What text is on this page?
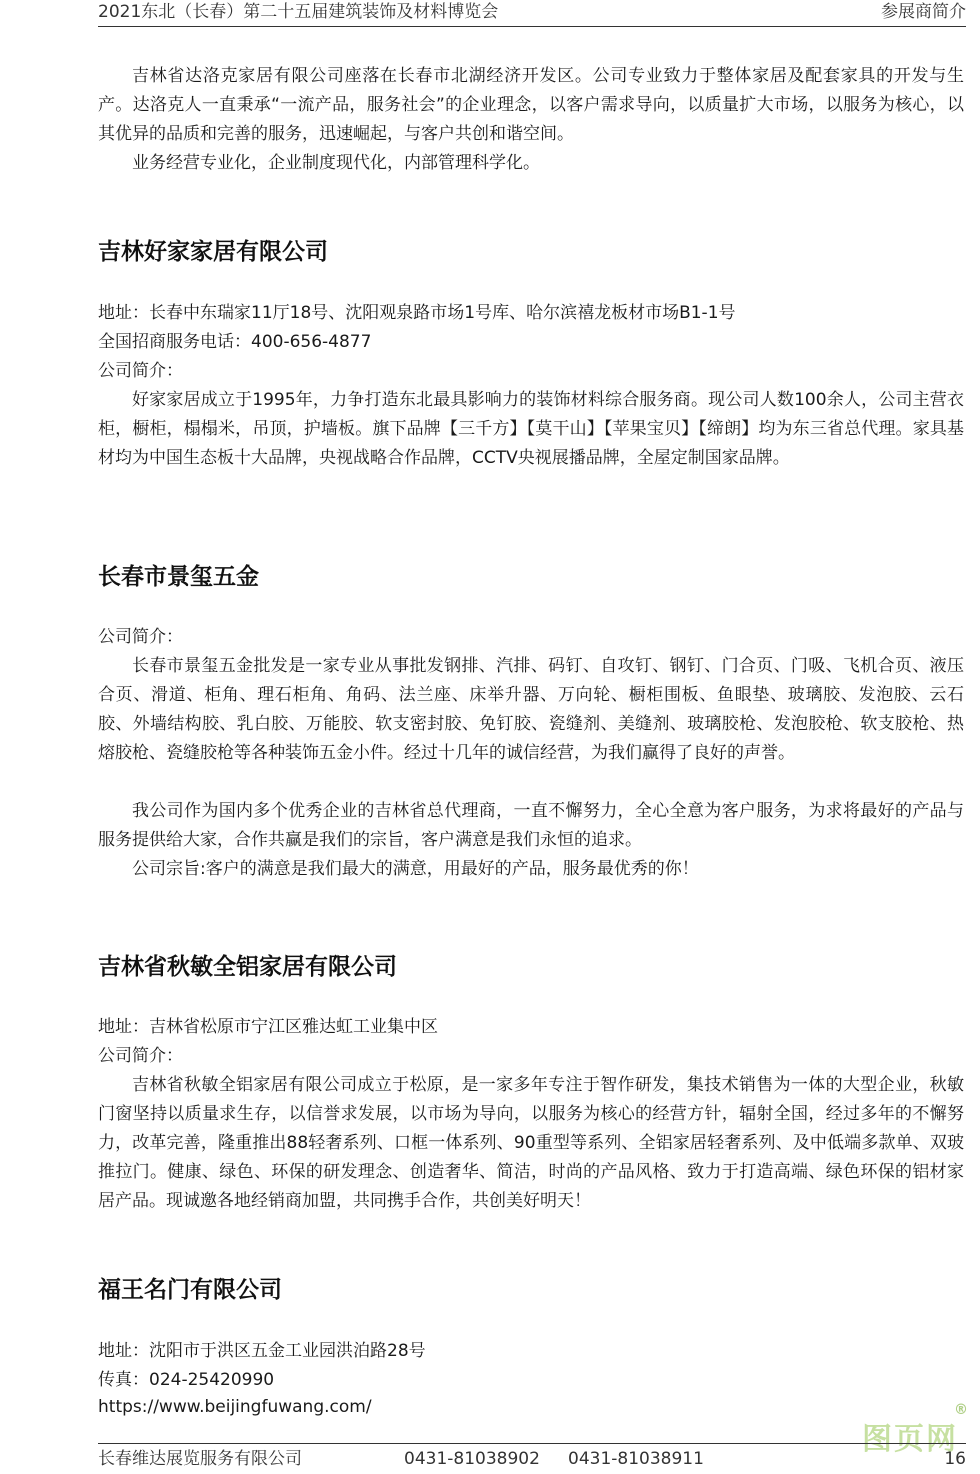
2021东北（长春）第二十五届建筑装饰及材料博览会	参展商简介
吉林省达洛克家居有限公司座落在长春市北湖经济开发区。公司专业致力于整体家居及配套家具的开发与生产。达洛克人一直秉承“一流产品，服务社会”的企业理念，以客户需求导向，以质量扩大市场，以服务为核心，以其优异的品质和完善的服务，迅速崛起，与客户共创和谐空间。
业务经营专业化，企业制度现代化，内部管理科学化。
吉林好家家居有限公司
地址：长春中东瑞家11厅18号、沈阳观泉路市场1号库、哈尔滨禧龙板材市场B1-1号
全国招商服务电话：400-656-4877
公司简介：
好家家居成立于1995年，力争打造东北最具影响力的装饰材料综合服务商。现公司人数100余人，公司主营衣柜，橱柜，榻榻米，吊顶，护墙板。旗下品牌【三千方】【莫干山】【苹果宝贝】【缔朗】均为东三省总代理。家具基材均为中国生态板十大品牌，央视战略合作品牌，CCTV央视展播品牌，全屋定制国家品牌。
长春市景玺五金
公司简介：
长春市景玺五金批发是一家专业从事批发钢排、汽排、码钉、自攻钉、钢钉、门合页、门吸、飞机合页、液压合页、滑道、柜角、理石柜角、角码、法兰座、床举升器、万向轮、橱柜围板、鱼眼垫、玻璃胶、发泡胶、云石胶、外墙结构胶、乳白胶、万能胶、软支密封胶、免钉胶、瓷缝剂、美缝剂、玻璃胶枪、发泡胶枪、软支胶枪、热熔胶枪、瓷缝胶枪等各种装饰五金小件。经过十几年的诚信经营，为我们赢得了良好的声誉。
我公司作为国内多个优秀企业的吉林省总代理商，一直不懈努力，全心全意为客户服务，为求将最好的产品与服务提供给大家，合作共赢是我们的宗旨，客户满意是我们永恒的追求。
公司宗旨:客户的满意是我们最大的满意，用最好的产品，服务最优秀的你！
吉林省秋敏全铝家居有限公司
地址：吉林省松原市宁江区雅达虹工业集中区
公司简介：
吉林省秋敏全铝家居有限公司成立于松原，是一家多年专注于智作研发，集技术销售为一体的大型企业，秋敏门窗坚持以质量求生存，以信誉求发展，以市场为导向，以服务为核心的经营方针，辐射全国，经过多年的不懈努力，改革完善，隆重推出88轻奢系列、口框一体系列、90重型等系列、全铝家居轻奢系列、及中低端多款单、双玻推拉门。健康、绿色、环保的研发理念、创造奢华、简洁，时尚的产品风格、致力于打造高端、绿色环保的铝材家居产品。现诚邀各地经销商加盟，共同携手合作，共创美好明天！
福王名门有限公司
地址：沈阳市于洪区五金工业园洪泊路28号
传真：024-25420990
https://www.beijingfuwang.com/
图页网
®
长春维达展览服务有限公司	0431-81038902 0431-81038911	16
